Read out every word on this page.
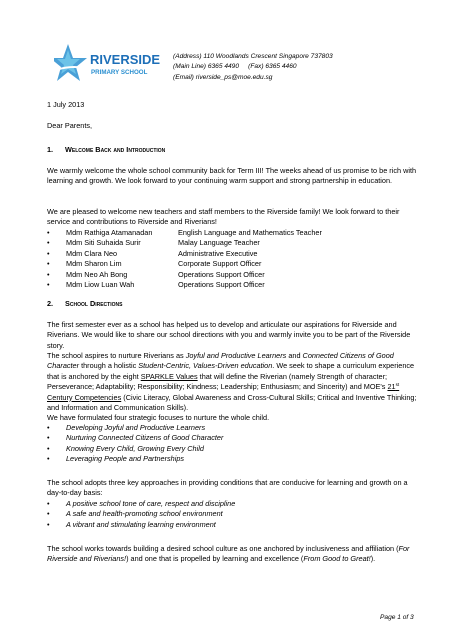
RIVERSIDE
PRIMARY SCHOOL
(Address) 110 Woodlands Crescent Singapore 737803
(Main Line) 6365 4490     (Fax) 6365 4460
(Email) riverside_ps@moe.edu.sg
1 July 2013
Dear Parents,
1. Welcome Back and Introduction
We warmly welcome the whole school community back for Term III! The weeks ahead of us promise to be rich with learning and growth. We look forward to your continuing warm support and strong partnership in education.
We are pleased to welcome new teachers and staff members to the Riverside family! We look forward to their service and contributions to Riverside and Riverians!
•	Mdm Rathiga Atamanadan	English Language and Mathematics Teacher
•	Mdm Siti Suhaida Surir	Malay Language Teacher
•	Mdm Clara Neo	Administrative Executive
•	Mdm Sharon Lim	Corporate Support Officer
•	Mdm Neo Ah Bong	Operations Support Officer
•	Mdm Liow Luan Wah	Operations Support Officer
2. School Directions
The first semester ever as a school has helped us to develop and articulate our aspirations for Riverside and Riverians. We would like to share our school directions with you and warmly invite you to be part of the Riverside story.
The school aspires to nurture Riverians as Joyful and Productive Learners and Connected Citizens of Good Character through a holistic Student-Centric, Values-Driven education. We seek to shape a curriculum experience that is anchored by the eight SPARKLE Values that will define the Riverian (namely Strength of character; Perseverance; Adaptability; Responsibility; Kindness; Leadership; Enthusiasm; and Sincerity) and MOE's 21st Century Competencies (Civic Literacy, Global Awareness and Cross-Cultural Skills; Critical and Inventive Thinking; and Information and Communication Skills).
We have formulated four strategic focuses to nurture the whole child.
•	Developing Joyful and Productive Learners
•	Nurturing Connected Citizens of Good Character
•	Knowing Every Child, Growing Every Child
•	Leveraging People and Partnerships
The school adopts three key approaches in providing conditions that are conducive for learning and growth on a day-to-day basis:
•	A positive school tone of care, respect and discipline
•	A safe and health-promoting school environment
•	A vibrant and stimulating learning environment
The school works towards building a desired school culture as one anchored by inclusiveness and affiliation (For Riverside and Riverians!) and one that is propelled by learning and excellence (From Good to Great!).
Page 1 of 3
